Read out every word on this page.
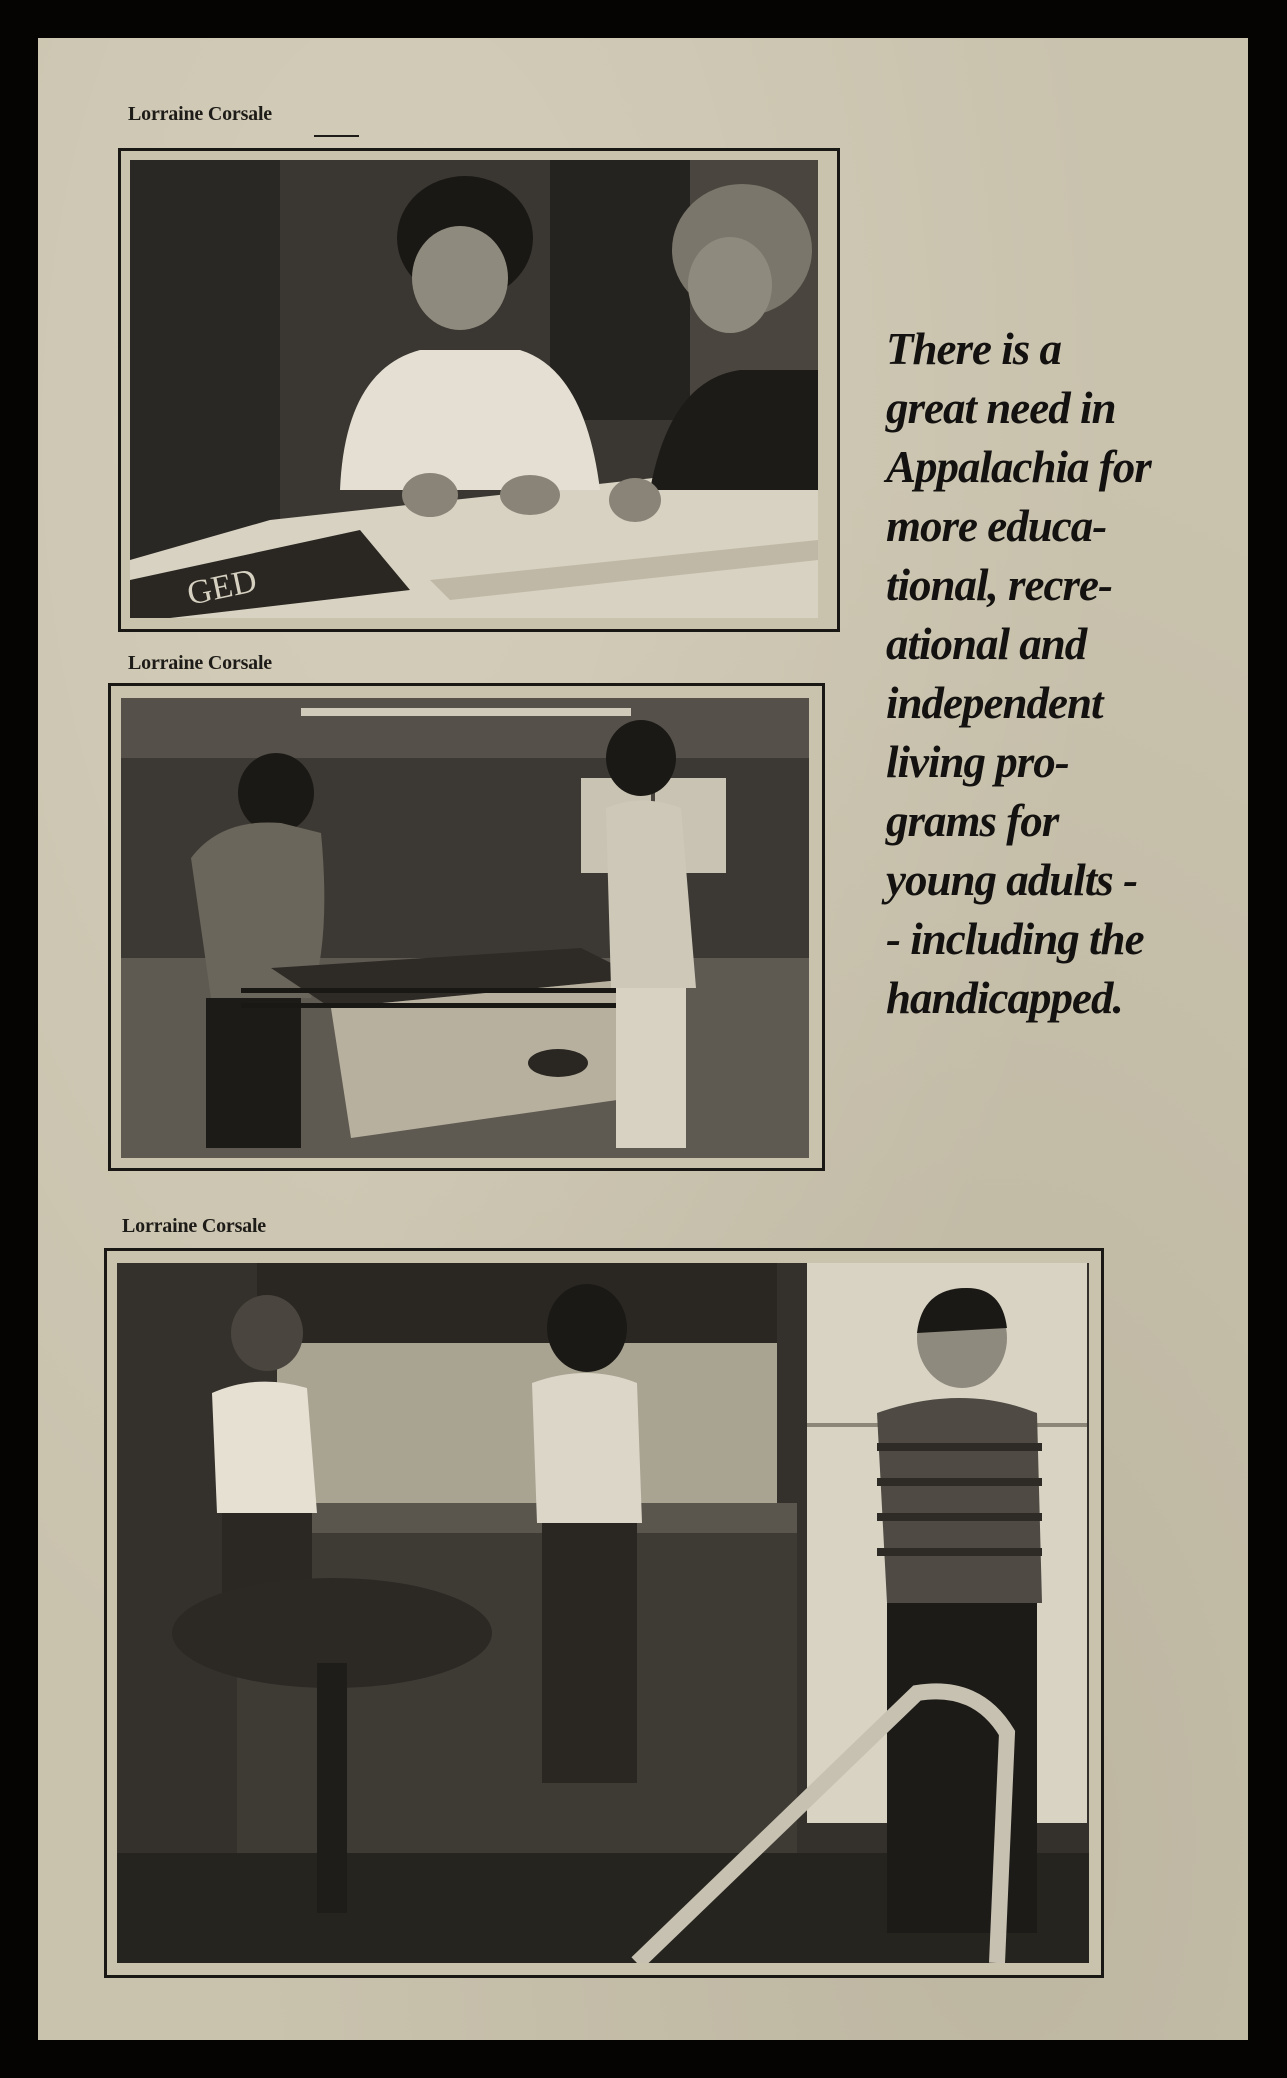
Lorraine Corsale
GED
Lorraine Corsale
Lorraine Corsale
There is a
great need in
Appalachia for
more educa-
tional, recre-
ational and
independent
living pro-
grams for
young adults -
- including the
handicapped.
